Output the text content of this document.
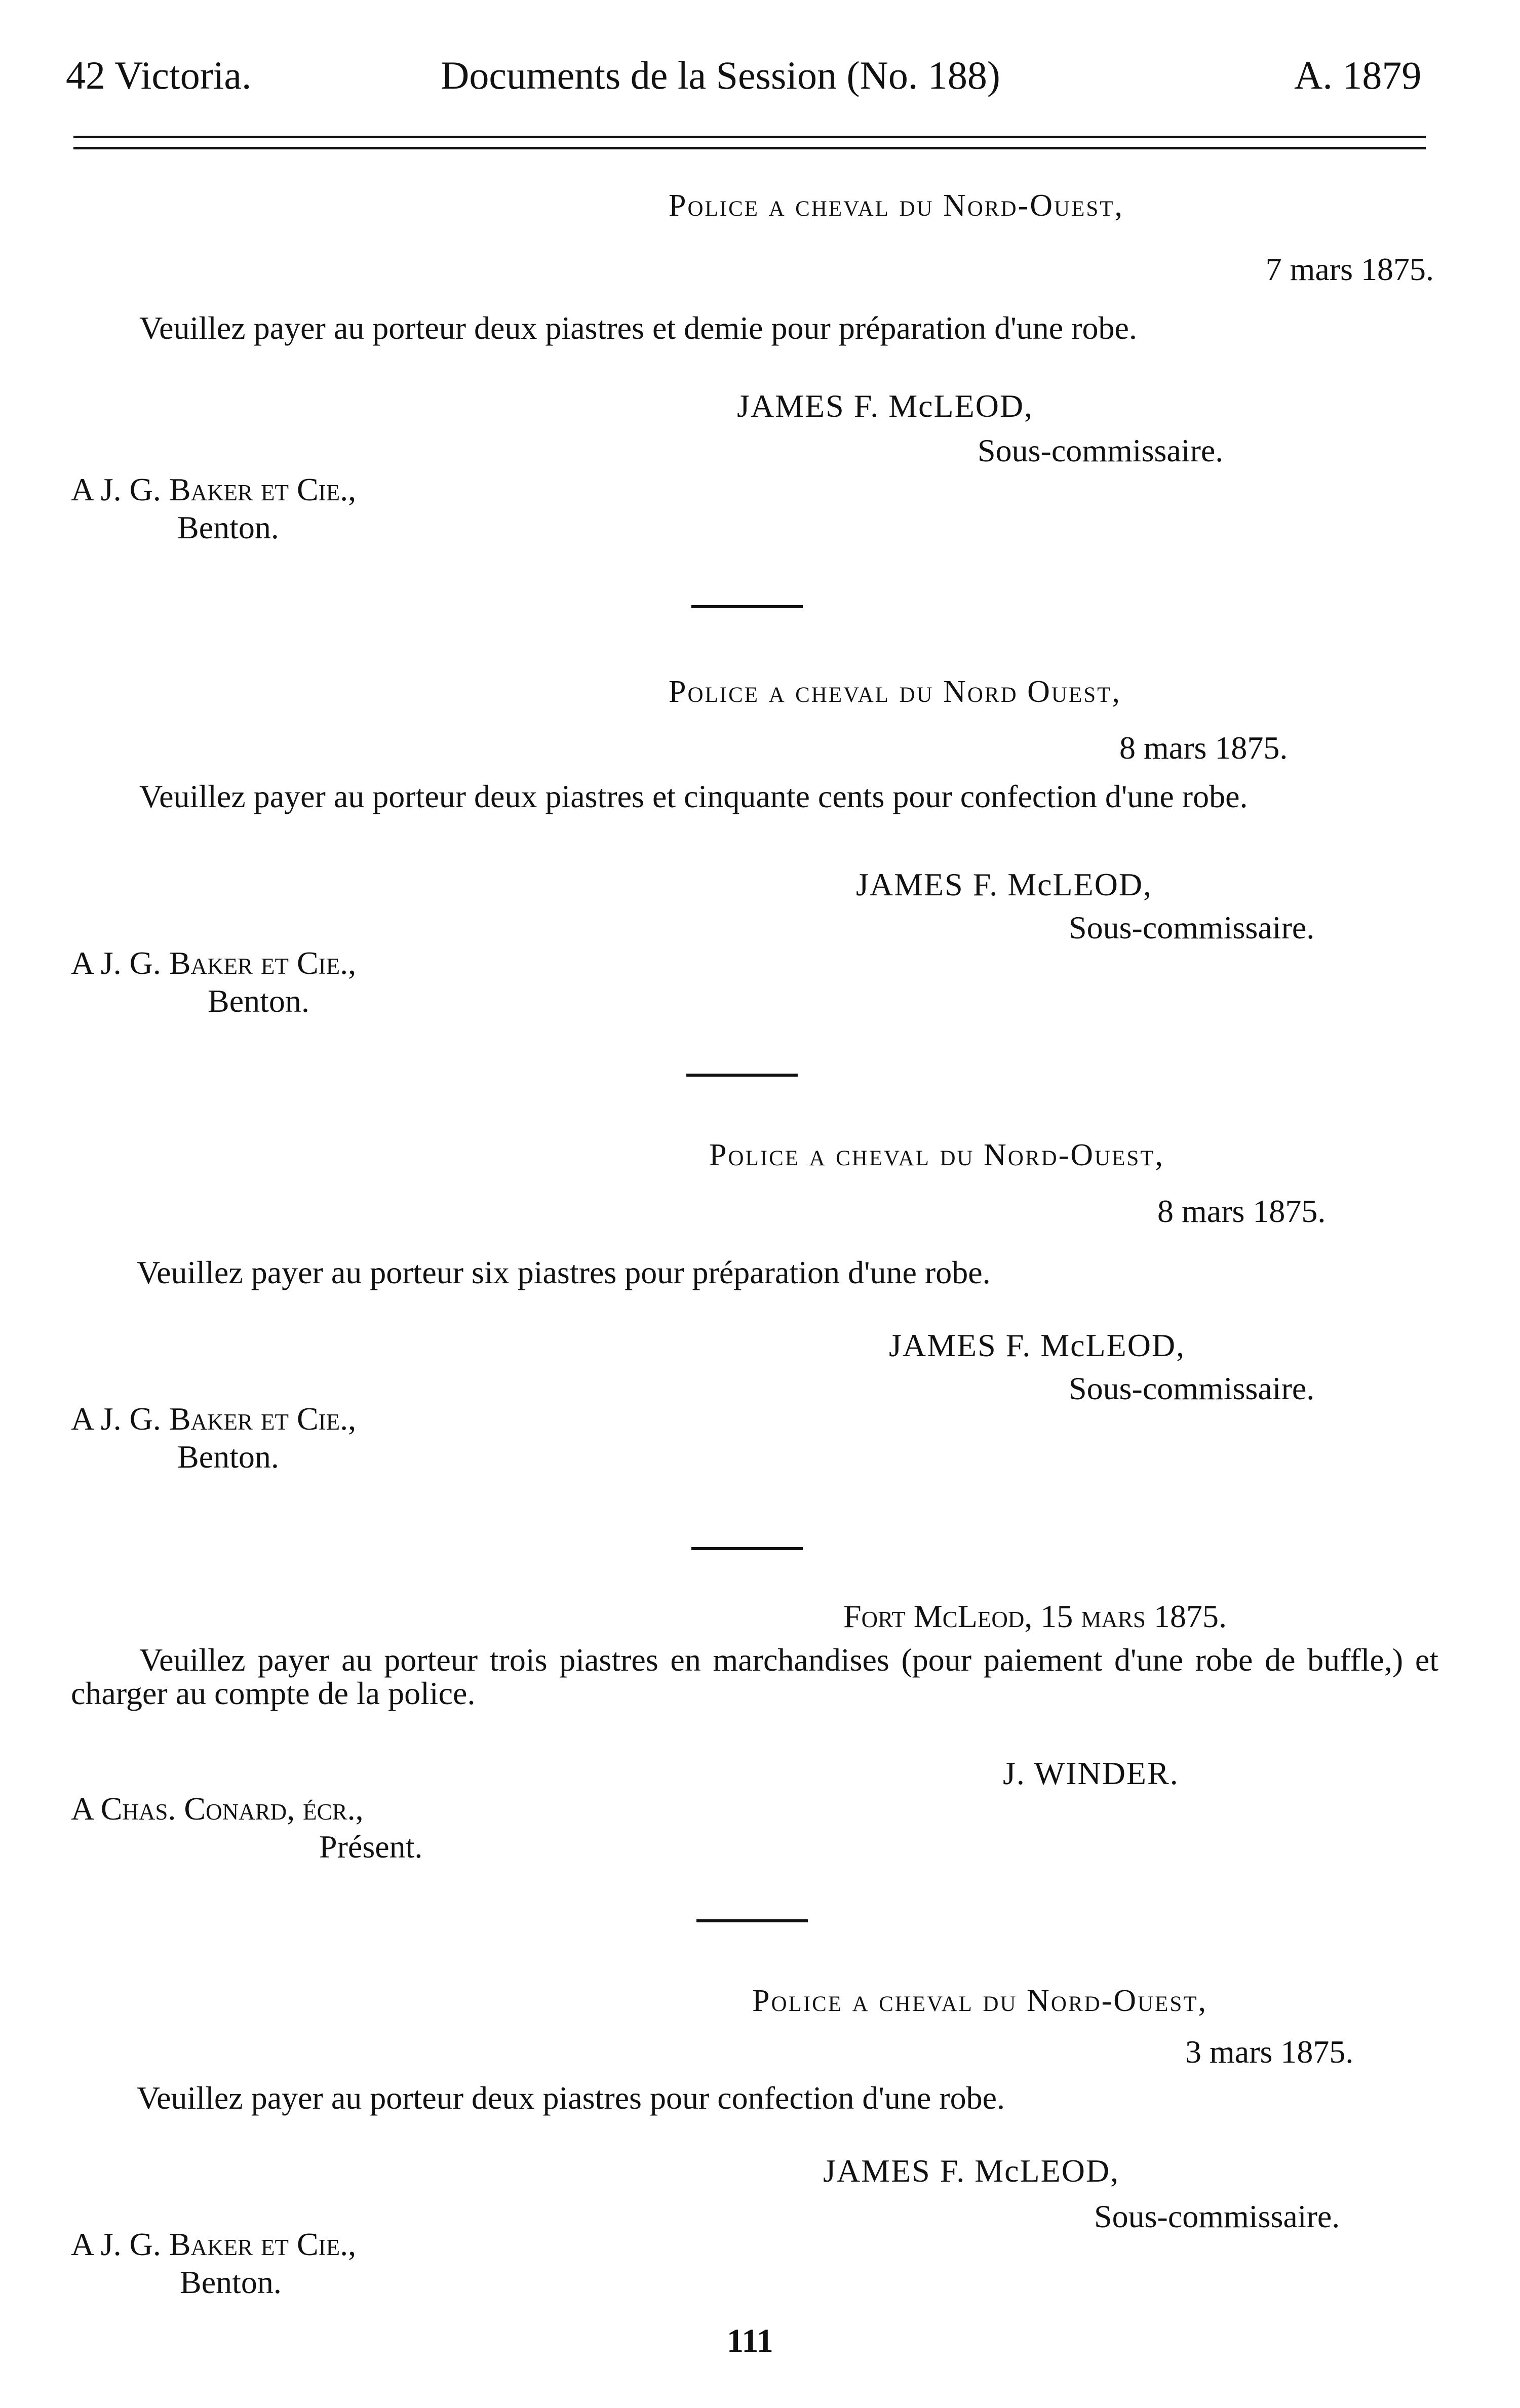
42 Victoria.	Documents de la Session (No. 188)	A. 1879
Police a cheval du Nord-Ouest,
7 mars 1875.
Veuillez payer au porteur deux piastres et demie pour préparation d'une robe.
JAMES F. McLEOD,
Sous-commissaire.
A J. G. Baker et Cie.,
Benton.
Police a cheval du Nord Ouest,
8 mars 1875.
Veuillez payer au porteur deux piastres et cinquante cents pour confection d'une robe.
JAMES F. McLEOD,
Sous-commissaire.
A J. G. Baker et Cie.,
Benton.
Police a cheval du Nord-Ouest,
8 mars 1875.
Veuillez payer au porteur six piastres pour préparation d'une robe.
JAMES F. McLEOD,
Sous-commissaire.
A J. G. Baker et Cie.,
Benton.
Fort McLeod, 15 mars 1875.
Veuillez payer au porteur trois piastres en marchandises (pour paiement d'une robe de buffle,) et charger au compte de la police.
J. WINDER.
A Chas. Conard, écr.,
Présent.
Police a cheval du Nord-Ouest,
3 mars 1875.
Veuillez payer au porteur deux piastres pour confection d'une robe.
JAMES F. McLEOD,
Sous-commissaire.
A J. G. Baker et Cie.,
Benton.
111
